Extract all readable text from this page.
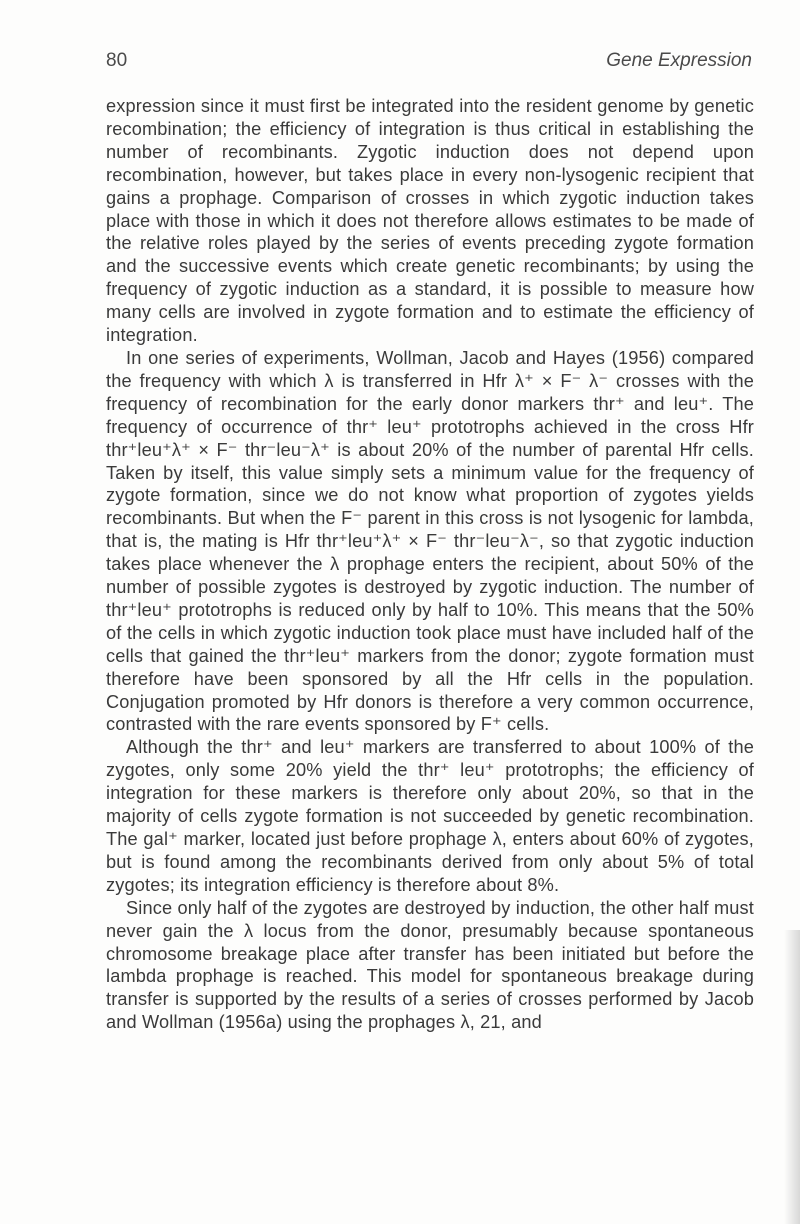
80	Gene Expression

expression since it must first be integrated into the resident genome by genetic recombination; the efficiency of integration is thus critical in establishing the number of recombinants. Zygotic induction does not depend upon recombination, however, but takes place in every non-lysogenic recipient that gains a prophage. Comparison of crosses in which zygotic induction takes place with those in which it does not therefore allows estimates to be made of the relative roles played by the series of events preceding zygote formation and the successive events which create genetic recombinants; by using the frequency of zygotic induction as a standard, it is possible to measure how many cells are involved in zygote formation and to estimate the efficiency of integration.

In one series of experiments, Wollman, Jacob and Hayes (1956) compared the frequency with which λ is transferred in Hfr λ⁺ × F⁻ λ⁻ crosses with the frequency of recombination for the early donor markers thr⁺ and leu⁺. The frequency of occurrence of thr⁺ leu⁺ prototrophs achieved in the cross Hfr thr⁺leu⁺λ⁺ × F⁻ thr⁻leu⁻λ⁺ is about 20% of the number of parental Hfr cells. Taken by itself, this value simply sets a minimum value for the frequency of zygote formation, since we do not know what proportion of zygotes yields recombinants. But when the F⁻ parent in this cross is not lysogenic for lambda, that is, the mating is Hfr thr⁺leu⁺λ⁺ × F⁻ thr⁻leu⁻λ⁻, so that zygotic induction takes place whenever the λ prophage enters the recipient, about 50% of the number of possible zygotes is destroyed by zygotic induction. The number of thr⁺leu⁺ prototrophs is reduced only by half to 10%. This means that the 50% of the cells in which zygotic induction took place must have included half of the cells that gained the thr⁺leu⁺ markers from the donor; zygote formation must therefore have been sponsored by all the Hfr cells in the population. Conjugation promoted by Hfr donors is therefore a very common occurrence, contrasted with the rare events sponsored by F⁺ cells.

Although the thr⁺ and leu⁺ markers are transferred to about 100% of the zygotes, only some 20% yield the thr⁺ leu⁺ prototrophs; the efficiency of integration for these markers is therefore only about 20%, so that in the majority of cells zygote formation is not succeeded by genetic recombination. The gal⁺ marker, located just before prophage λ, enters about 60% of zygotes, but is found among the recombinants derived from only about 5% of total zygotes; its integration efficiency is therefore about 8%.

Since only half of the zygotes are destroyed by induction, the other half must never gain the λ locus from the donor, presumably because spontaneous chromosome breakage place after transfer has been initiated but before the lambda prophage is reached. This model for spontaneous breakage during transfer is supported by the results of a series of crosses performed by Jacob and Wollman (1956a) using the prophages λ, 21, and
